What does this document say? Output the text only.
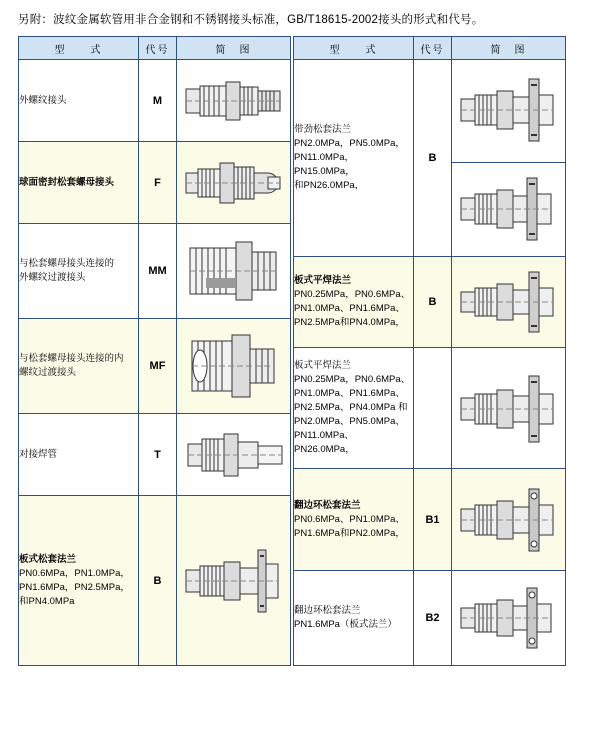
另附：波纹金属软管用非合金钢和不锈钢接头标准，GB/T18615-2002接头的形式和代号。
型　　式	代号	简　图

外螺纹接头	M	

球面密封松套螺母接头	F	

与松套螺母接头连接的
外螺纹过渡接头	MM	

与松套螺母接头连接的内
螺纹过渡接头	MF	

对接焊管	T	

板式松套法兰
PN0.6MPa，PN1.0MPa，
PN1.6MPa，PN2.5MPa，
和PN4.0MPa	B	
型　　式	代号	简　图

带劲松套法兰
PN2.0MPa，PN5.0MPa，
PN11.0MPa，PN15.0MPa，
和PN26.0MPa，	B	

板式平焊法兰
PN0.25MPa，PN0.6MPa、
PN1.0MPa、PN1.6MPa、
PN2.5MPa和PN4.0MPa，	B	

板式平焊法兰
PN0.25MPa，PN0.6MPa、
PN1.0MPa、PN1.6MPa、
PN2.5MPa、PN4.0MPa 和
PN2.0MPa、PN5.0MPa、
PN11.0MPa、PN26.0MPa，

翻边环松套法兰
PN0.6MPa、PN1.0MPa、
PN1.6MPa和PN2.0MPa，	B1	

翻边环松套法兰
PN1.6MPa（板式法兰）	B2	
